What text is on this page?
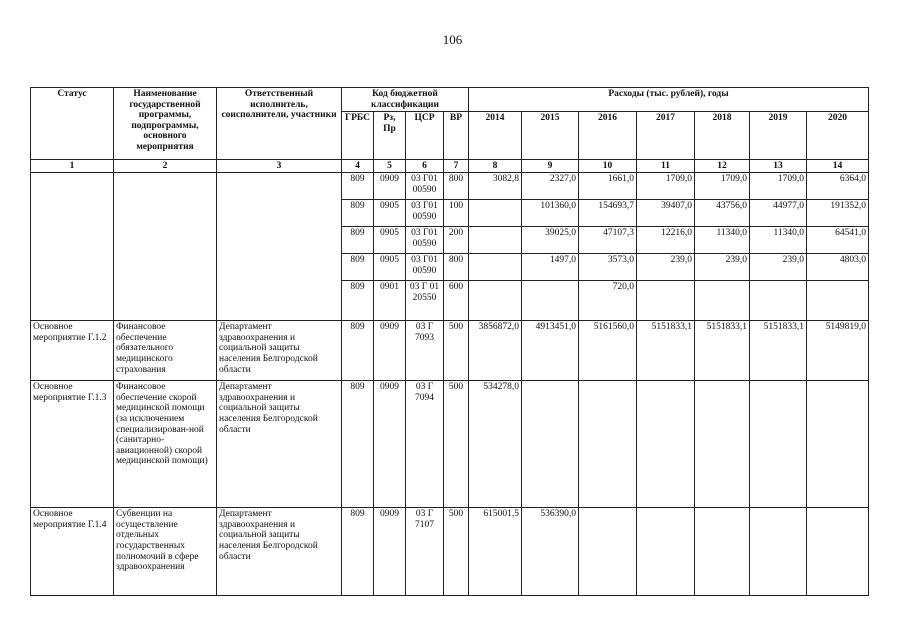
106
Статус	Наименование государственной программы, подпрограммы, основного мероприятия	Ответственный исполнитель, соисполнители, участники	Код бюджетной классификации				Расходы (тыс. рублей), годы						
			ГРБС	Рз, Пр	ЦСР	ВР	2014	2015	2016	2017	2018	2019	2020
1	2	3	4	5	6	7	8	9	10	11	12	13	14
			809	0909	03 Г01 00590	800	3082,8	2327,0	1661,0	1709,0	1709,0	1709,0	6364,0
			809	0905	03 Г01 00590	100		101360,0	154693,7	39407,0	43756,0	44977,0	191352,0
			809	0905	03 Г01 00590	200		39025,0	47107,3	12216,0	11340,0	11340,0	64541,0
			809	0905	03 Г01 00590	800		1497,0	3573,0	239,0	239,0	239,0	4803,0
			809	0901	03 Г 01 20550	600			720,0				
Основное мероприятие Г.1.2	Финансовое обеспечение обязательного медицинского страхования	Департамент здравоохранения и социальной защиты населения Белгородской области	809	0909	03 Г 7093	500	3856872,0	4913451,0	5161560,0	5151833,1	5151833,1	5151833,1	5149819,0
Основное мероприятие Г.1.3	Финансовое обеспечение скорой медицинской помощи (за исключением специализирован-ной (санитарно-авиационной) скорой медицинской помощи)	Департамент здравоохранения и социальной защиты населения Белгородской области	809	0909	03 Г 7094	500	534278,0						
Основное мероприятие Г.1.4	Субвенции на осуществление отдельных государственных полномочий в сфере здравоохранения	Департамент здравоохранения и социальной защиты населения Белгородской области	809	0909	03 Г 7107	500	615001,5	536390,0					
